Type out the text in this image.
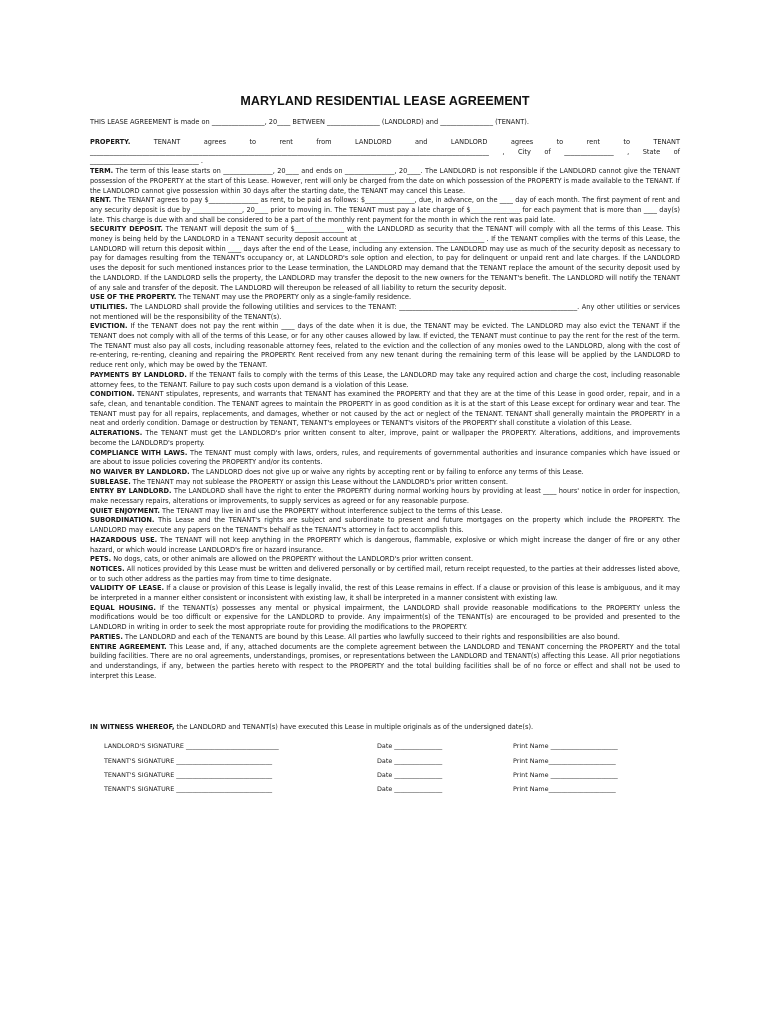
MARYLAND RESIDENTIAL LEASE AGREEMENT
THIS LEASE AGREEMENT is made on ________________, 20____ BETWEEN ________________ (LANDLORD) and ________________ (TENANT).

PROPERTY. TENANT agrees to rent from LANDLORD and LANDLORD agrees to rent to TENANT _________________________________________________________________________________________________________________________ , City of _______________ , State of _________________________________ .

TERM. The term of this lease starts on _______________, 20____ and ends on _______________, 20____. The LANDLORD is not responsible if the LANDLORD cannot give the TENANT possession of the PROPERTY at the start of this Lease. However, rent will only be charged from the date on which possession of the PROPERTY is made available to the TENANT. If the LANDLORD cannot give possession within 30 days after the starting date, the TENANT may cancel this Lease.

RENT. The TENANT agrees to pay $_______________ as rent, to be paid as follows: $_______________, due, in advance, on the ____ day of each month. The first payment of rent and any security deposit is due by _______________, 20____ prior to moving in. The TENANT must pay a late charge of $_______________ for each payment that is more than ____ day(s) late. This charge is due with and shall be considered to be a part of the monthly rent payment for the month in which the rent was paid late.

SECURITY DEPOSIT. The TENANT will deposit the sum of $_______________ with the LANDLORD as security that the TENANT will comply with all the terms of this Lease. This money is being held by the LANDLORD in a TENANT security deposit account at ______________________________________ . If the TENANT complies with the terms of this Lease, the LANDLORD will return this deposit within ____ days after the end of the Lease, including any extension. The LANDLORD may use as much of the security deposit as necessary to pay for damages resulting from the TENANT's occupancy or, at LANDLORD's sole option and election, to pay for delinquent or unpaid rent and late charges. If the LANDLORD uses the deposit for such mentioned instances prior to the Lease termination, the LANDLORD may demand that the TENANT replace the amount of the security deposit used by the LANDLORD. If the LANDLORD sells the property, the LANDLORD may transfer the deposit to the new owners for the TENANT's benefit. The LANDLORD will notify the TENANT of any sale and transfer of the deposit. The LANDLORD will thereupon be released of all liability to return the security deposit.

USE OF THE PROPERTY. The TENANT may use the PROPERTY only as a single-family residence.

UTILITIES. The LANDLORD shall provide the following utilities and services to the TENANT: ______________________________________________________. Any other utilities or services not mentioned will be the responsibility of the TENANT(s).

EVICTION. If the TENANT does not pay the rent within ____ days of the date when it is due, the TENANT may be evicted. The LANDLORD may also evict the TENANT if the TENANT does not comply with all of the terms of this Lease, or for any other causes allowed by law. If evicted, the TENANT must continue to pay the rent for the rest of the term. The TENANT must also pay all costs, including reasonable attorney fees, related to the eviction and the collection of any monies owed to the LANDLORD, along with the cost of re-entering, re-renting, cleaning and repairing the PROPERTY. Rent received from any new tenant during the remaining term of this lease will be applied by the LANDLORD to reduce rent only, which may be owed by the TENANT.

PAYMENTS BY LANDLORD. If the TENANT fails to comply with the terms of this Lease, the LANDLORD may take any required action and charge the cost, including reasonable attorney fees, to the TENANT. Failure to pay such costs upon demand is a violation of this Lease.

CONDITION. TENANT stipulates, represents, and warrants that TENANT has examined the PROPERTY and that they are at the time of this Lease in good order, repair, and in a safe, clean, and tenantable condition. The TENANT agrees to maintain the PROPERTY in as good condition as it is at the start of this Lease except for ordinary wear and tear. The TENANT must pay for all repairs, replacements, and damages, whether or not caused by the act or neglect of the TENANT. TENANT shall generally maintain the PROPERTY in a neat and orderly condition. Damage or destruction by TENANT, TENANT's employees or TENANT's visitors of the PROPERTY shall constitute a violation of this Lease.

ALTERATIONS. The TENANT must get the LANDLORD's prior written consent to alter, improve, paint or wallpaper the PROPERTY. Alterations, additions, and improvements become the LANDLORD's property.

COMPLIANCE WITH LAWS. The TENANT must comply with laws, orders, rules, and requirements of governmental authorities and insurance companies which have issued or are about to issue policies covering the PROPERTY and/or its contents.

NO WAIVER BY LANDLORD. The LANDLORD does not give up or waive any rights by accepting rent or by failing to enforce any terms of this Lease.

SUBLEASE. The TENANT may not sublease the PROPERTY or assign this Lease without the LANDLORD's prior written consent.

ENTRY BY LANDLORD. The LANDLORD shall have the right to enter the PROPERTY during normal working hours by providing at least ____ hours' notice in order for inspection, make necessary repairs, alterations or improvements, to supply services as agreed or for any reasonable purpose.

QUIET ENJOYMENT. The TENANT may live in and use the PROPERTY without interference subject to the terms of this Lease.

SUBORDINATION. This Lease and the TENANT's rights are subject and subordinate to present and future mortgages on the property which include the PROPERTY. The LANDLORD may execute any papers on the TENANT's behalf as the TENANT's attorney in fact to accomplish this.

HAZARDOUS USE. The TENANT will not keep anything in the PROPERTY which is dangerous, flammable, explosive or which might increase the danger of fire or any other hazard, or which would increase LANDLORD's fire or hazard insurance.

PETS. No dogs, cats, or other animals are allowed on the PROPERTY without the LANDLORD's prior written consent.

NOTICES. All notices provided by this Lease must be written and delivered personally or by certified mail, return receipt requested, to the parties at their addresses listed above, or to such other address as the parties may from time to time designate.

VALIDITY OF LEASE. If a clause or provision of this Lease is legally invalid, the rest of this Lease remains in effect. If a clause or provision of this lease is ambiguous, and it may be interpreted in a manner either consistent or inconsistent with existing law, it shall be interpreted in a manner consistent with existing law.

EQUAL HOUSING. If the TENANT(s) possesses any mental or physical impairment, the LANDLORD shall provide reasonable modifications to the PROPERTY unless the modifications would be too difficult or expensive for the LANDLORD to provide. Any impairment(s) of the TENANT(s) are encouraged to be provided and presented to the LANDLORD in writing in order to seek the most appropriate route for providing the modifications to the PROPERTY.

PARTIES. The LANDLORD and each of the TENANTS are bound by this Lease. All parties who lawfully succeed to their rights and responsibilities are also bound.

ENTIRE AGREEMENT. This Lease and, if any, attached documents are the complete agreement between the LANDLORD and TENANT concerning the PROPERTY and the total building facilities. There are no oral agreements, understandings, promises, or representations between the LANDLORD and TENANT(s) affecting this Lease. All prior negotiations and understandings, if any, between the parties hereto with respect to the PROPERTY and the total building facilities shall be of no force or effect and shall not be used to interpret this Lease.

IN WITNESS WHEREOF, the LANDLORD and TENANT(s) have executed this Lease in multiple originals as of the undersigned date(s).
LANDLORD'S SIGNATURE _____________________________	Date _______________	Print Name _____________________
TENANT'S SIGNATURE ______________________________	Date _______________	Print Name_____________________
TENANT'S SIGNATURE ______________________________	Date _______________	Print Name _____________________
TENANT'S SIGNATURE ______________________________	Date _______________	Print Name_____________________
